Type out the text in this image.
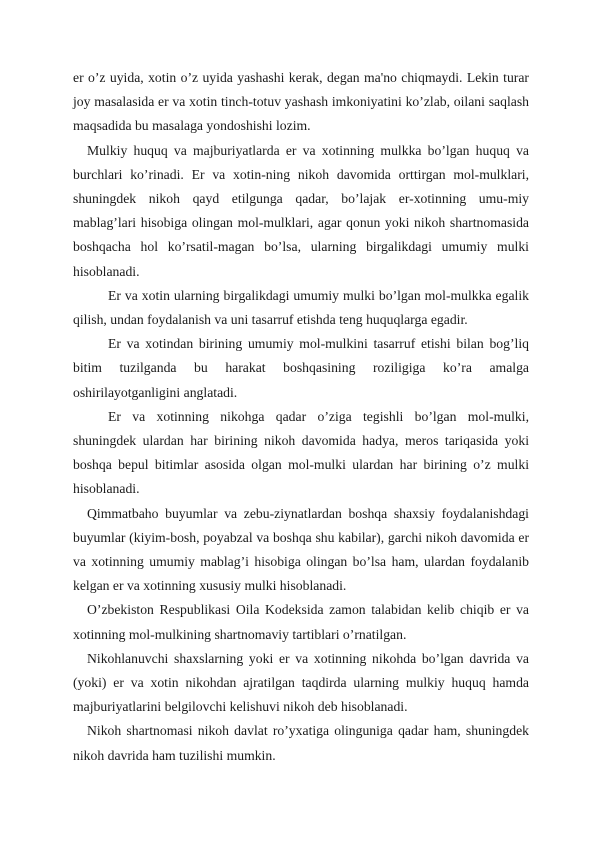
er o’z uyida, xotin o’z uyida yashashi kerak, degan ma'no chiqmaydi. Lekin turar joy masalasida er va xotin tinch-totuv yashash imkoniyatini ko’zlab, oilani saqlash maqsadida bu masalaga yondoshishi lozim.

Mulkiy huquq va majburiyatlarda er va xotinning mulkka bo’lgan huquq va burchlari ko’rinadi. Er va xotin-ning nikoh davomida orttirgan mol-mulklari, shuningdek nikoh qayd etilgunga qadar, bo’lajak er-xotinning umu-miy mablag’lari hisobiga olingan mol-mulklari, agar qonun yoki nikoh shartnomasida boshqacha hol ko’rsatil-magan bo’lsa, ularning birgalikdagi umumiy mulki hisoblanadi.

Er va xotin ularning birgalikdagi umumiy mulki bo’lgan mol-mulkka egalik qilish, undan foydalanish va uni tasarruf etishda teng huquqlarga egadir.

Er va xotindan birining umumiy mol-mulkini tasarruf etishi bilan bog’liq bitim tuzilganda bu harakat boshqasining roziligiga ko’ra amalga oshirilayotganligini anglatadi.

Er va xotinning nikohga qadar o’ziga tegishli bo’lgan mol-mulki, shuningdek ulardan har birining nikoh davomida hadya, meros tariqasida yoki boshqa bepul bitimlar asosida olgan mol-mulki ulardan har birining o’z mulki hisoblanadi.

Qimmatbaho buyumlar va zebu-ziynatlardan boshqa shaxsiy foydalanishdagi buyumlar (kiyim-bosh, poyabzal va boshqa shu kabilar), garchi nikoh davomida er va xotinning umumiy mablag’i hisobiga olingan bo’lsa ham, ulardan foydalanib kelgan er va xotinning xususiy mulki hisoblanadi.

O’zbekiston Respublikasi Oila Kodeksida zamon talabidan kelib chiqib er va xotinning mol-mulkining shartnomaviy tartiblari o’rnatilgan.

Nikohlanuvchi shaxslarning yoki er va xotinning nikohda bo’lgan davrida va (yoki) er va xotin nikohdan ajratilgan taqdirda ularning mulkiy huquq hamda majburiyatlarini belgilovchi kelishuvi nikoh deb hisoblanadi.

Nikoh shartnomasi nikoh davlat ro’yxatiga olinguniga qadar ham, shuningdek nikoh davrida ham tuzilishi mumkin.
